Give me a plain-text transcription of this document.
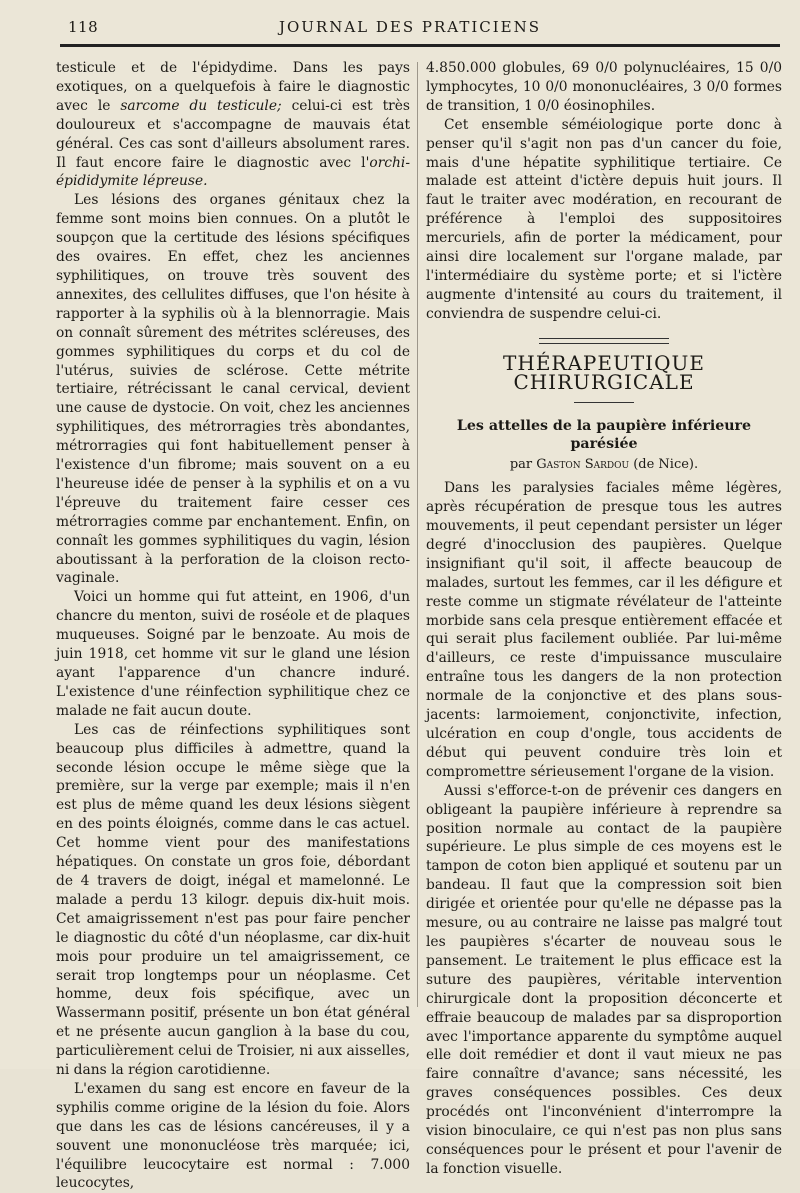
118	JOURNAL DES PRATICIENS

testicule et de l'épidydime. Dans les pays exotiques, on a quelquefois à faire le diagnostic avec le sarcome du testicule; celui-ci est très douloureux et s'accompagne de mauvais état général. Ces cas sont d'ailleurs absolument rares. Il faut encore faire le diagnostic avec l'orchi-épididymite lépreuse.

Les lésions des organes génitaux chez la femme sont moins bien connues. On a plutôt le soupçon que la certitude des lésions spécifiques des ovaires. En effet, chez les anciennes syphilitiques, on trouve très souvent des annexites, des cellulites diffuses, que l'on hésite à rapporter à la syphilis où à la blennorragie. Mais on connaît sûrement des métrites scléreuses, des gommes syphilitiques du corps et du col de l'utérus, suivies de sclérose. Cette métrite tertiaire, rétrécissant le canal cervical, devient une cause de dystocie. On voit, chez les anciennes syphilitiques, des métrorragies très abondantes, métrorragies qui font habituellement penser à l'existence d'un fibrome; mais souvent on a eu l'heureuse idée de penser à la syphilis et on a vu l'épreuve du traitement faire cesser ces métrorragies comme par enchantement. Enfin, on connaît les gommes syphilitiques du vagin, lésion aboutissant à la perforation de la cloison recto-vaginale.

Voici un homme qui fut atteint, en 1906, d'un chancre du menton, suivi de roséole et de plaques muqueuses. Soigné par le benzoate. Au mois de juin 1918, cet homme vit sur le gland une lésion ayant l'apparence d'un chancre induré. L'existence d'une réinfection syphilitique chez ce malade ne fait aucun doute.

Les cas de réinfections syphilitiques sont beaucoup plus difficiles à admettre, quand la seconde lésion occupe le même siège que la première, sur la verge par exemple; mais il n'en est plus de même quand les deux lésions siègent en des points éloignés, comme dans le cas actuel. Cet homme vient pour des manifestations hépatiques. On constate un gros foie, débordant de 4 travers de doigt, inégal et mamelonné. Le malade a perdu 13 kilogr. depuis dix-huit mois. Cet amaigrissement n'est pas pour faire pencher le diagnostic du côté d'un néoplasme, car dix-huit mois pour produire un tel amaigrissement, ce serait trop longtemps pour un néoplasme. Cet homme, deux fois spécifique, avec un Wassermann positif, présente un bon état général et ne présente aucun ganglion à la base du cou, particulièrement celui de Troisier, ni aux aisselles, ni dans la région carotidienne.

L'examen du sang est encore en faveur de la syphilis comme origine de la lésion du foie. Alors que dans les cas de lésions cancéreuses, il y a souvent une mononucléose très marquée; ici, l'équilibre leucocytaire est normal : 7.000 leucocytes,

4.850.000 globules, 69 0/0 polynucléaires, 15 0/0 lymphocytes, 10 0/0 mononucléaires, 3 0/0 formes de transition, 1 0/0 éosinophiles.

Cet ensemble séméiologique porte donc à penser qu'il s'agit non pas d'un cancer du foie, mais d'une hépatite syphilitique tertiaire. Ce malade est atteint d'ictère depuis huit jours. Il faut le traiter avec modération, en recourant de préférence à l'emploi des suppositoires mercuriels, afin de porter la médicament, pour ainsi dire localement sur l'organe malade, par l'intermédiaire du système porte; et si l'ictère augmente d'intensité au cours du traitement, il conviendra de suspendre celui-ci.

THÉRAPEUTIQUE CHIRURGICALE
Les attelles de la paupière inférieure parésiée
par Gaston Sardou (de Nice).

Dans les paralysies faciales même légères, après récupération de presque tous les autres mouvements, il peut cependant persister un léger degré d'inocclusion des paupières. Quelque insignifiant qu'il soit, il affecte beaucoup de malades, surtout les femmes, car il les défigure et reste comme un stigmate révélateur de l'atteinte morbide sans cela presque entièrement effacée et qui serait plus facilement oubliée. Par lui-même d'ailleurs, ce reste d'impuissance musculaire entraîne tous les dangers de la non protection normale de la conjonctive et des plans sous-jacents: larmoiement, conjonctivite, infection, ulcération en coup d'ongle, tous accidents de début qui peuvent conduire très loin et compromettre sérieusement l'organe de la vision.

Aussi s'efforce-t-on de prévenir ces dangers en obligeant la paupière inférieure à reprendre sa position normale au contact de la paupière supérieure. Le plus simple de ces moyens est le tampon de coton bien appliqué et soutenu par un bandeau. Il faut que la compression soit bien dirigée et orientée pour qu'elle ne dépasse pas la mesure, ou au contraire ne laisse pas malgré tout les paupières s'écarter de nouveau sous le pansement. Le traitement le plus efficace est la suture des paupières, véritable intervention chirurgicale dont la proposition déconcerte et effraie beaucoup de malades par sa disproportion avec l'importance apparente du symptôme auquel elle doit remédier et dont il vaut mieux ne pas faire connaître d'avance; sans nécessité, les graves conséquences possibles. Ces deux procédés ont l'inconvénient d'interrompre la vision binoculaire, ce qui n'est pas non plus sans conséquences pour le présent et pour l'avenir de la fonction visuelle.
